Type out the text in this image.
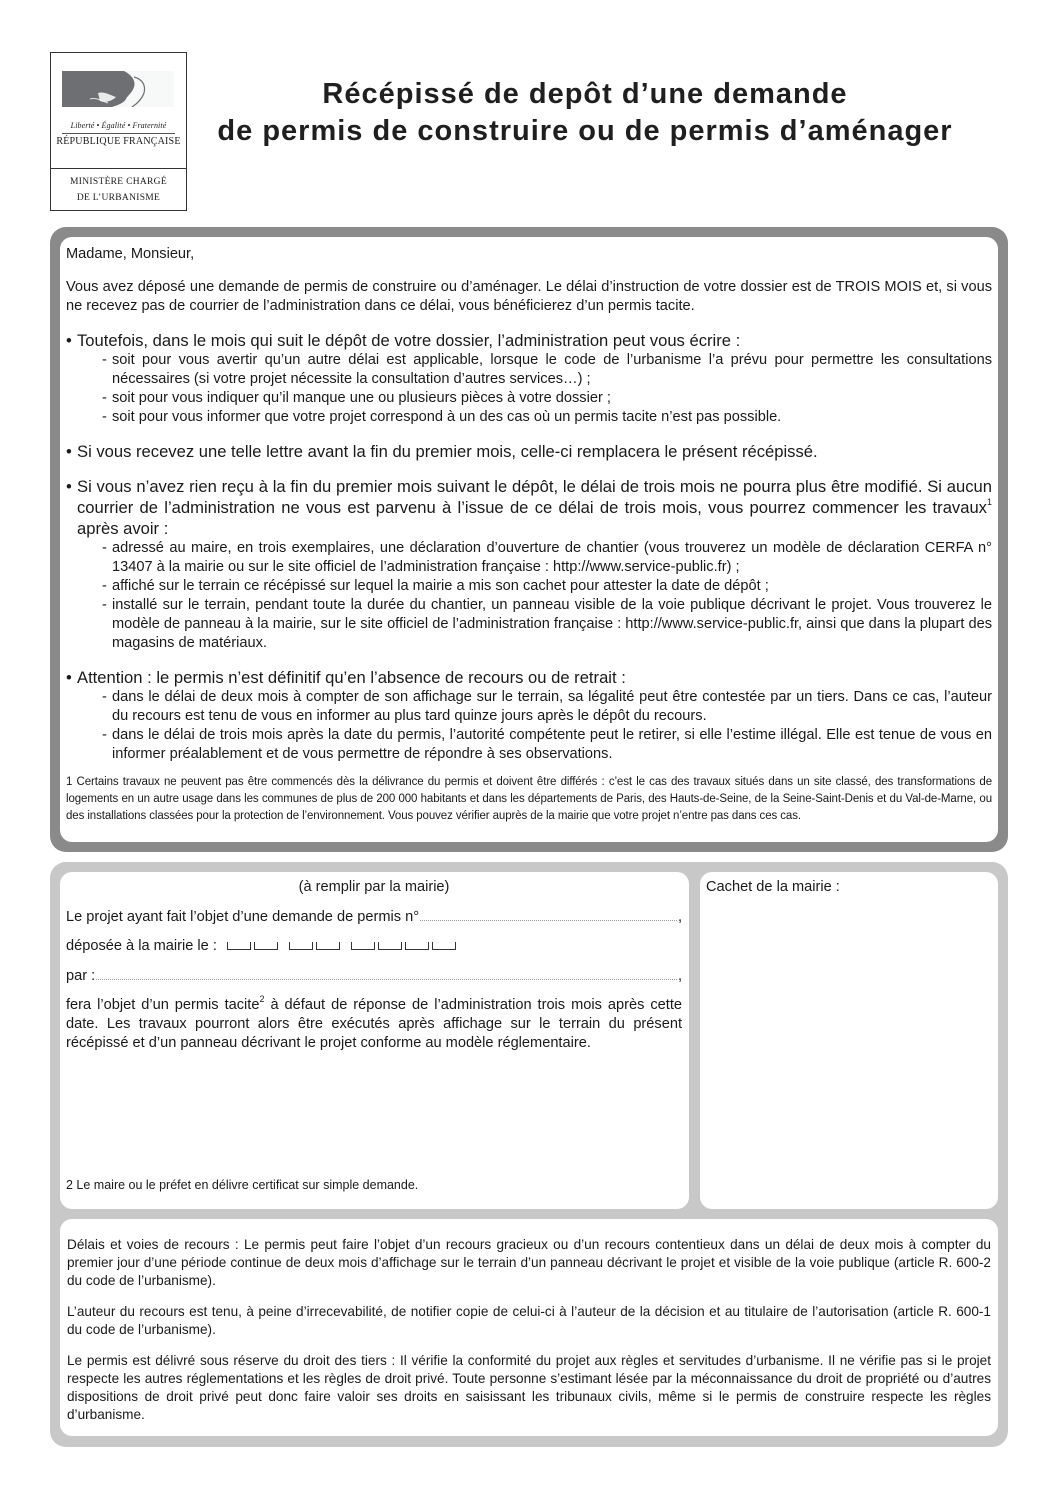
Liberté • Égalité • Fraternité
RÉPUBLIQUE FRANÇAISE
MINISTÈRE CHARGÉ
DE L’URBANISME
Récépissé de depôt d’une demande
de permis de construire ou de permis d’aménager

Madame, Monsieur,

Vous avez déposé une demande de permis de construire ou d’aménager. Le délai d’instruction de votre dossier est de TROIS MOIS et, si vous ne recevez pas de courrier de l’administration dans ce délai, vous bénéficierez d’un permis tacite.

• Toutefois, dans le mois qui suit le dépôt de votre dossier, l’administration peut vous écrire :
- soit pour vous avertir qu’un autre délai est applicable, lorsque le code de l’urbanisme l’a prévu pour permettre les consultations nécessaires (si votre projet nécessite la consultation d’autres services…) ;
- soit pour vous indiquer qu’il manque une ou plusieurs pièces à votre dossier ;
- soit pour vous informer que votre projet correspond à un des cas où un permis tacite n’est pas possible.
• Si vous recevez une telle lettre avant la fin du premier mois, celle-ci remplacera le présent récépissé.
• Si vous n’avez rien reçu à la fin du premier mois suivant le dépôt, le délai de trois mois ne pourra plus être modifié. Si aucun courrier de l’administration ne vous est parvenu à l’issue de ce délai de trois mois, vous pourrez commencer les travaux$^1$ après avoir :
- adressé au maire, en trois exemplaires, une déclaration d’ouverture de chantier (vous trouverez un modèle de déclaration CERFA n° 13407 à la mairie ou sur le site officiel de l’administration française : http://www.service-public.fr) ;
- affiché sur le terrain ce récépissé sur lequel la mairie a mis son cachet pour attester la date de dépôt ;
- installé sur le terrain, pendant toute la durée du chantier, un panneau visible de la voie publique décrivant le projet. Vous trouverez le modèle de panneau à la mairie, sur le site officiel de l’administration française : http://www.service-public.fr, ainsi que dans la plupart des magasins de matériaux.
• Attention : le permis n’est définitif qu’en l’absence de recours ou de retrait :
- dans le délai de deux mois à compter de son affichage sur le terrain, sa légalité peut être contestée par un tiers. Dans ce cas, l’auteur du recours est tenu de vous en informer au plus tard quinze jours après le dépôt du recours.
- dans le délai de trois mois après la date du permis, l’autorité compétente peut le retirer, si elle l’estime illégal. Elle est tenue de vous en informer préalablement et de vous permettre de répondre à ses observations.

1 Certains travaux ne peuvent pas être commencés dès la délivrance du permis et doivent être différés : c’est le cas des travaux situés dans un site classé, des transformations de logements en un autre usage dans les communes de plus de 200 000 habitants et dans les départements de Paris, des Hauts-de-Seine, de la Seine-Saint-Denis et du Val-de-Marne, ou des installations classées pour la protection de l’environnement. Vous pouvez vérifier auprès de la mairie que votre projet n’entre pas dans ces cas.

(à remplir par la mairie)
Le projet ayant fait l’objet d’une demande de permis n°	,
déposée à la mairie le :
par :	,
fera l’objet d’un permis tacite$^2$ à défaut de réponse de l’administration trois mois après cette date. Les travaux pourront alors être exécutés après affichage sur le terrain du présent récépissé et d’un panneau décrivant le projet conforme au modèle réglementaire.
2 Le maire ou le préfet en délivre certificat sur simple demande.
Cachet de la mairie :

Délais et voies de recours : Le permis peut faire l’objet d’un recours gracieux ou d’un recours contentieux dans un délai de deux mois à compter du premier jour d’une période continue de deux mois d’affichage sur le terrain d’un panneau décrivant le projet et visible de la voie publique (article R. 600-2 du code de l’urbanisme).

L’auteur du recours est tenu, à peine d’irrecevabilité, de notifier copie de celui-ci à l’auteur de la décision et au titulaire de l’autorisation (article R. 600-1 du code de l’urbanisme).

Le permis est délivré sous réserve du droit des tiers : Il vérifie la conformité du projet aux règles et servitudes d’urbanisme. Il ne vérifie pas si le projet respecte les autres réglementations et les règles de droit privé. Toute personne s’estimant lésée par la méconnaissance du droit de propriété ou d’autres dispositions de droit privé peut donc faire valoir ses droits en saisissant les tribunaux civils, même si le permis de construire respecte les règles d’urbanisme.
